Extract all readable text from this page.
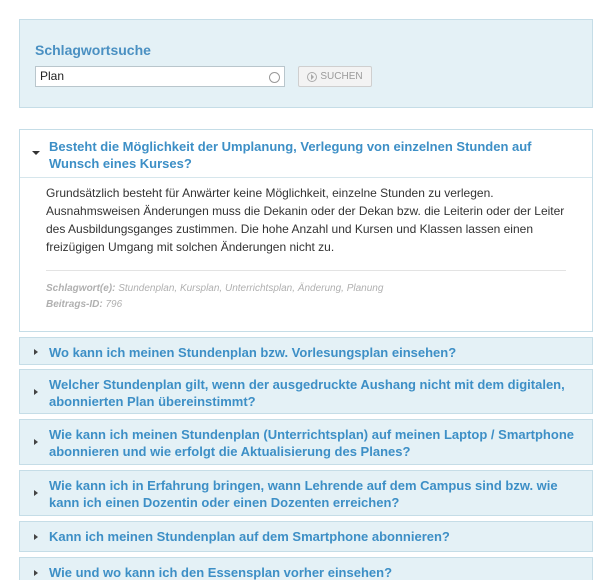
Schlagwortsuche
Plan
SUCHEN
Besteht die Möglichkeit der Umplanung, Verlegung von einzelnen Stunden auf Wunsch eines Kurses?
Grundsätzlich besteht für Anwärter keine Möglichkeit, einzelne Stunden zu verlegen. Ausnahmsweisen Änderungen muss die Dekanin oder der Dekan bzw. die Leiterin oder der Leiter des Ausbildungsganges zustimmen. Die hohe Anzahl und Kursen und Klassen lassen einen freizügigen Umgang mit solchen Änderungen nicht zu.
Schlagwort(e): Stundenplan, Kursplan, Unterrichtsplan, Änderung, Planung
Beitrags-ID: 796
Wo kann ich meinen Stundenplan bzw. Vorlesungsplan einsehen?
Welcher Stundenplan gilt, wenn der ausgedruckte Aushang nicht mit dem digitalen, abonnierten Plan übereinstimmt?
Wie kann ich meinen Stundenplan (Unterrichtsplan) auf meinen Laptop / Smartphone abonnieren und wie erfolgt die Aktualisierung des Planes?
Wie kann ich in Erfahrung bringen, wann Lehrende auf dem Campus sind bzw. wie kann ich einen Dozentin oder einen Dozenten erreichen?
Kann ich meinen Stundenplan auf dem Smartphone abonnieren?
Wie und wo kann ich den Essensplan vorher einsehen?
